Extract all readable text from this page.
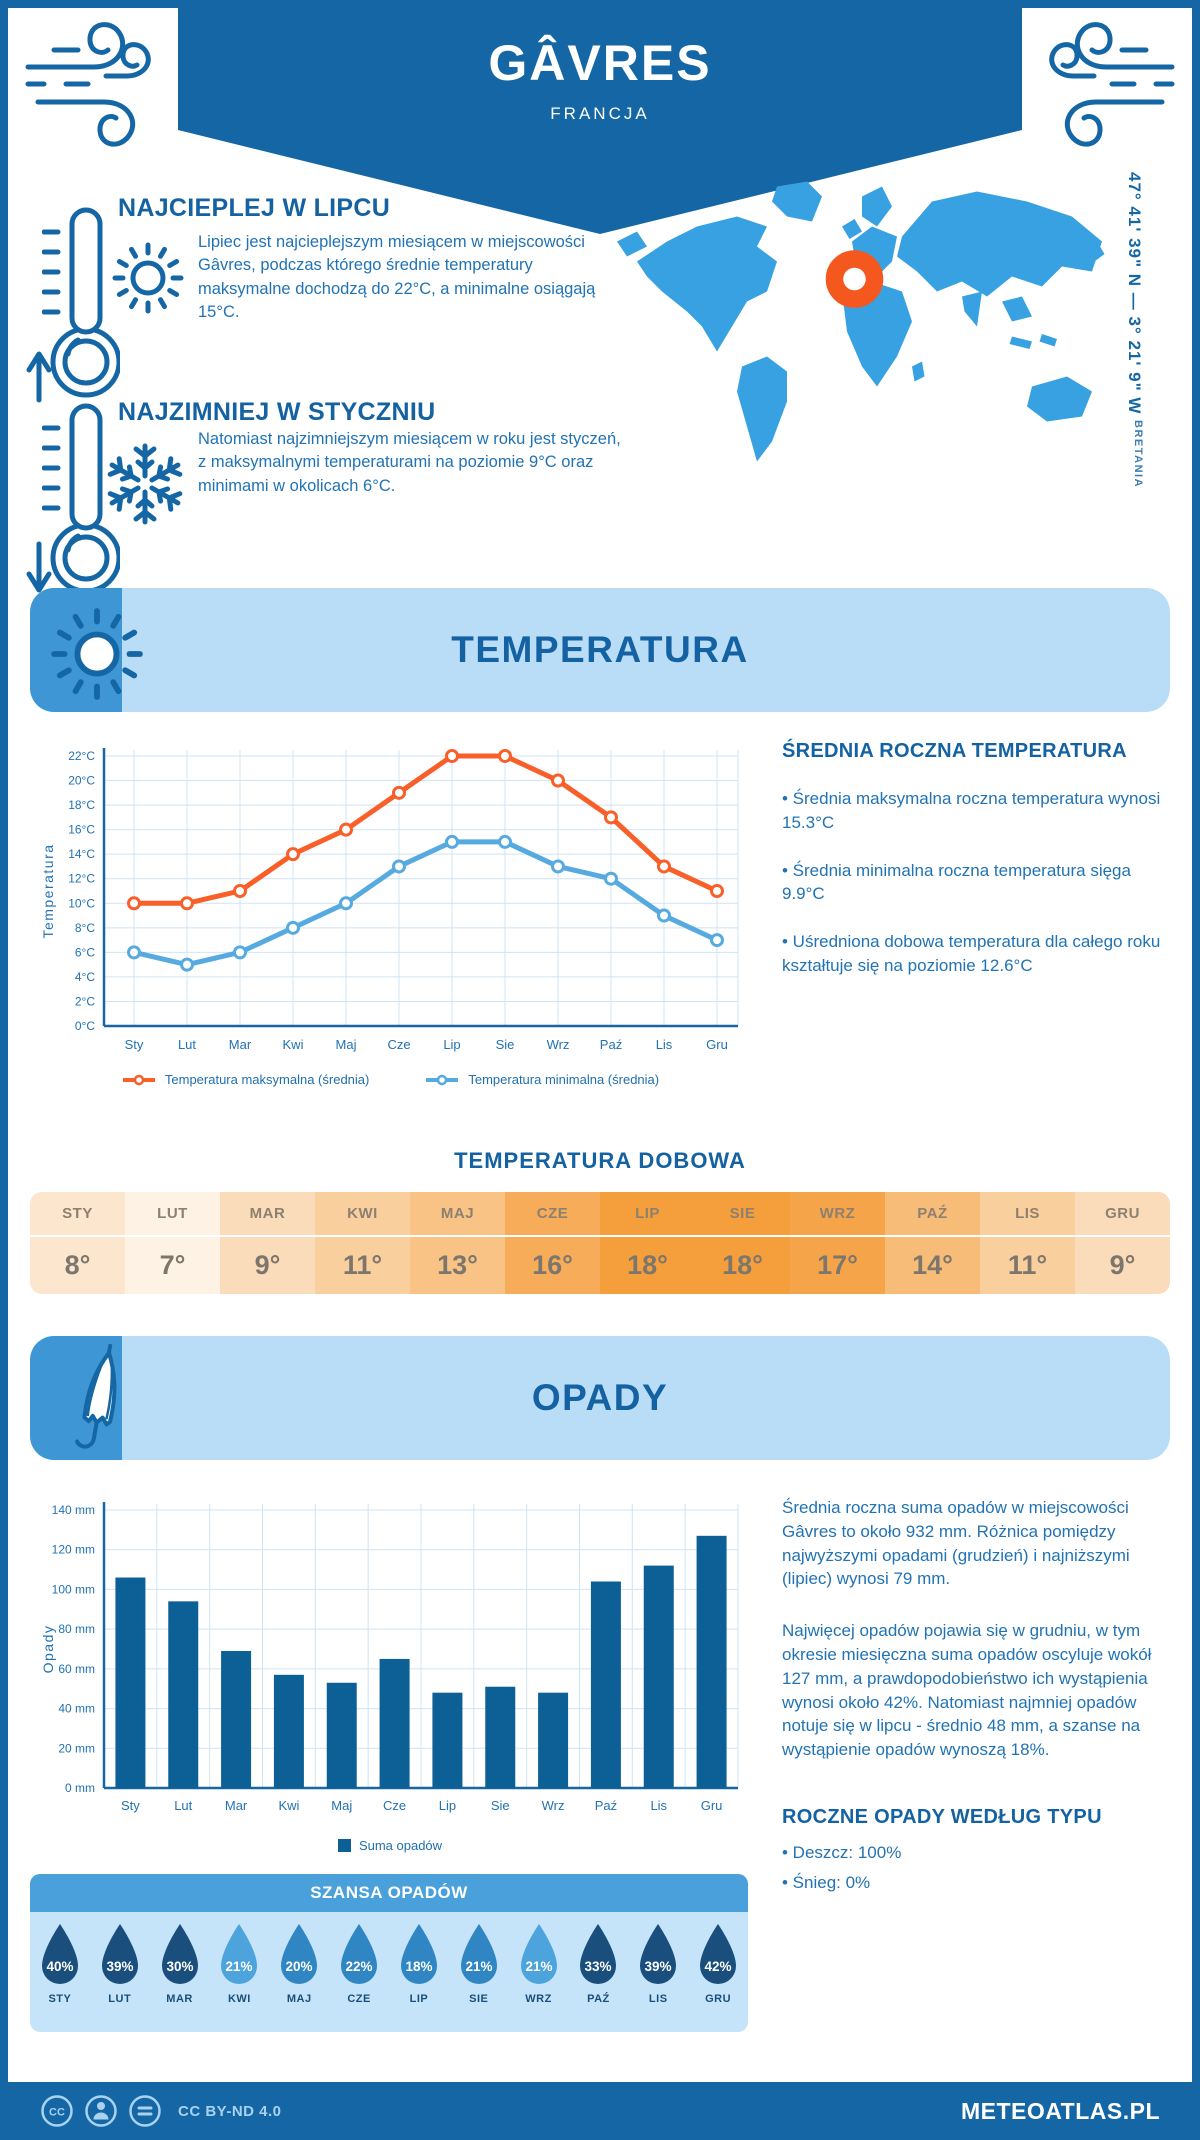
GÂVRES
FRANCJA
NAJCIEPLEJ W LIPCU
Lipiec jest najcieplejszym miesiącem w miejscowości Gâvres, podczas którego średnie temperatury maksymalne dochodzą do 22°C, a minimalne osiągają 15°C.
NAJZIMNIEJ W STYCZNIU
Natomiast najzimniejszym miesiącem w roku jest styczeń, z maksymalnymi temperaturami na poziomie 9°C oraz minimami w okolicach 6°C.
47° 41' 39" N — 3° 21' 9" W
BRETANIA
TEMPERATURA
0°C
2°C
4°C
6°C
8°C
10°C
12°C
14°C
16°C
18°C
20°C
22°C
Sty	Lut	Mar Kwi Maj Cze	Lip	Sie Wrz Paź	Lis	Gru
Temperatura
Temperatura maksymalna (średnia)	Temperatura minimalna (średnia)
ŚREDNIA ROCZNA TEMPERATURA
• Średnia maksymalna roczna temperatura wynosi 15.3°C
• Średnia minimalna roczna temperatura sięga 9.9°C
• Uśredniona dobowa temperatura dla całego roku kształtuje się na poziomie 12.6°C
TEMPERATURA DOBOWA
STY
8°
LUT
7°
MAR
9°
KWI
11°
MAJ
13°
CZE
16°
LIP
18°
SIE
18°
WRZ
17°
PAŹ
14°
LIS
11°
GRU
9°
OPADY
0 mm
20 mm
40 mm
60 mm
80 mm
100 mm
120 mm
140 mm
Sty	Lut	Mar Kwi Maj Cze	Lip	Sie Wrz Paź	Lis	Gru
Opady
Suma opadów
Średnia roczna suma opadów w miejscowości Gâvres to około 932 mm. Różnica pomiędzy najwyższymi opadami (grudzień) i najniższymi (lipiec) wynosi 79 mm.
Najwięcej opadów pojawia się w grudniu, w tym okresie miesięczna suma opadów oscyluje wokół 127 mm, a prawdopodobieństwo ich wystąpienia wynosi około 42%. Natomiast najmniej opadów notuje się w lipcu - średnio 48 mm, a szanse na wystąpienie opadów wynoszą 18%.
ROCZNE OPADY WEDŁUG TYPU
• Deszcz: 100%
• Śnieg: 0%
SZANSA OPADÓW
40%
STY
39%
LUT
30%
MAR
21%
KWI
20%
MAJ
22%
CZE
18%
LIP
21%
SIE
21%
WRZ
33%
PAŹ
39%
LIS
42%
GRU
CC	CC BY-ND 4.0	METEOATLAS.PL
